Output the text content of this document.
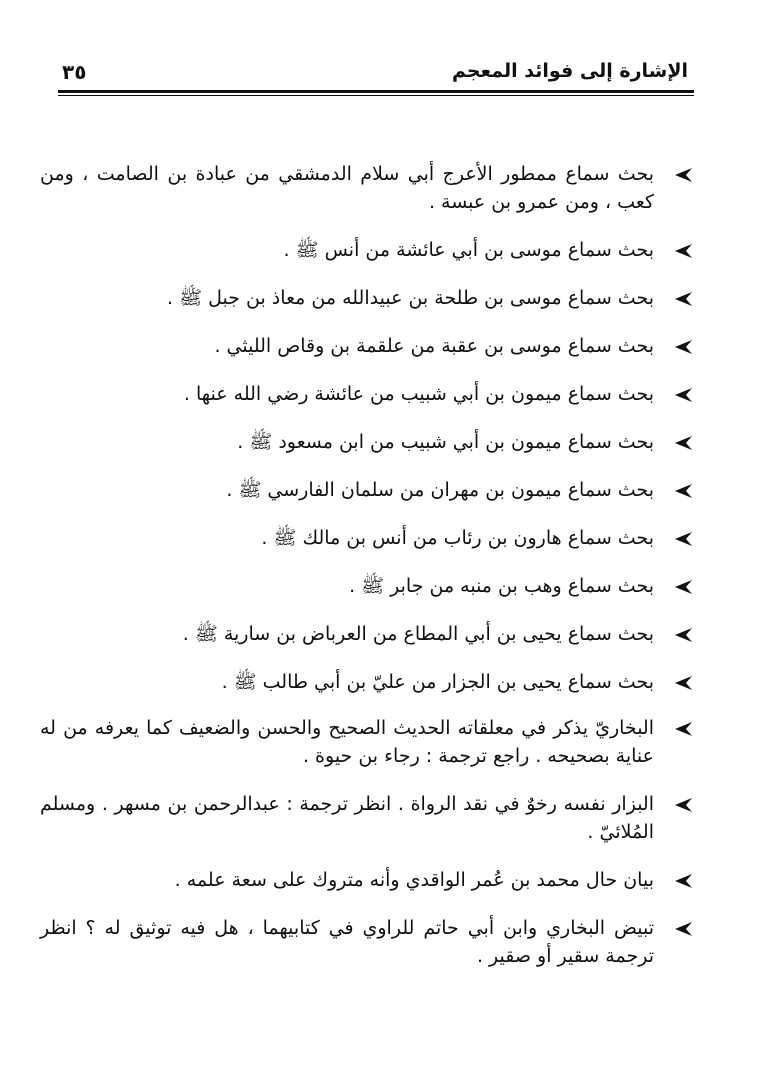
الإشارة إلى فوائد المعجم
٣٥
بحث سماع ممطور الأعرج أبي سلام الدمشقي من عبادة بن الصامت ، ومن كعب ، ومن عمرو بن عبسة .
بحث سماع موسى بن أبي عائشة من أنس ﷺ .
بحث سماع موسى بن طلحة بن عبيدالله من معاذ بن جبل ﷺ .
بحث سماع موسى بن عقبة من علقمة بن وقاص الليثي .
بحث سماع ميمون بن أبي شبيب من عائشة رضي الله عنها .
بحث سماع ميمون بن أبي شبيب من ابن مسعود ﷺ .
بحث سماع ميمون بن مهران من سلمان الفارسي ﷺ .
بحث سماع هارون بن رئاب من أنس بن مالك ﷺ .
بحث سماع وهب بن منبه من جابر ﷺ .
بحث سماع يحيى بن أبي المطاع من العرباض بن سارية ﷺ .
بحث سماع يحيى بن الجزار من عليّ بن أبي طالب ﷺ .
البخاريّ يذكر في معلقاته الحديث الصحيح والحسن والضعيف كما يعرفه من له عناية بصحيحه . راجع ترجمة : رجاء بن حيوة .
البزار نفسه رخوٌ في نقد الرواة . انظر ترجمة : عبدالرحمن بن مسهر . ومسلم المُلائيّ .
بيان حال محمد بن عُمر الواقدي وأنه متروك على سعة علمه .
تبيض البخاري وابن أبي حاتم للراوي في كتابيهما ، هل فيه توثيق له ؟ انظر ترجمة سقير أو صقير .
